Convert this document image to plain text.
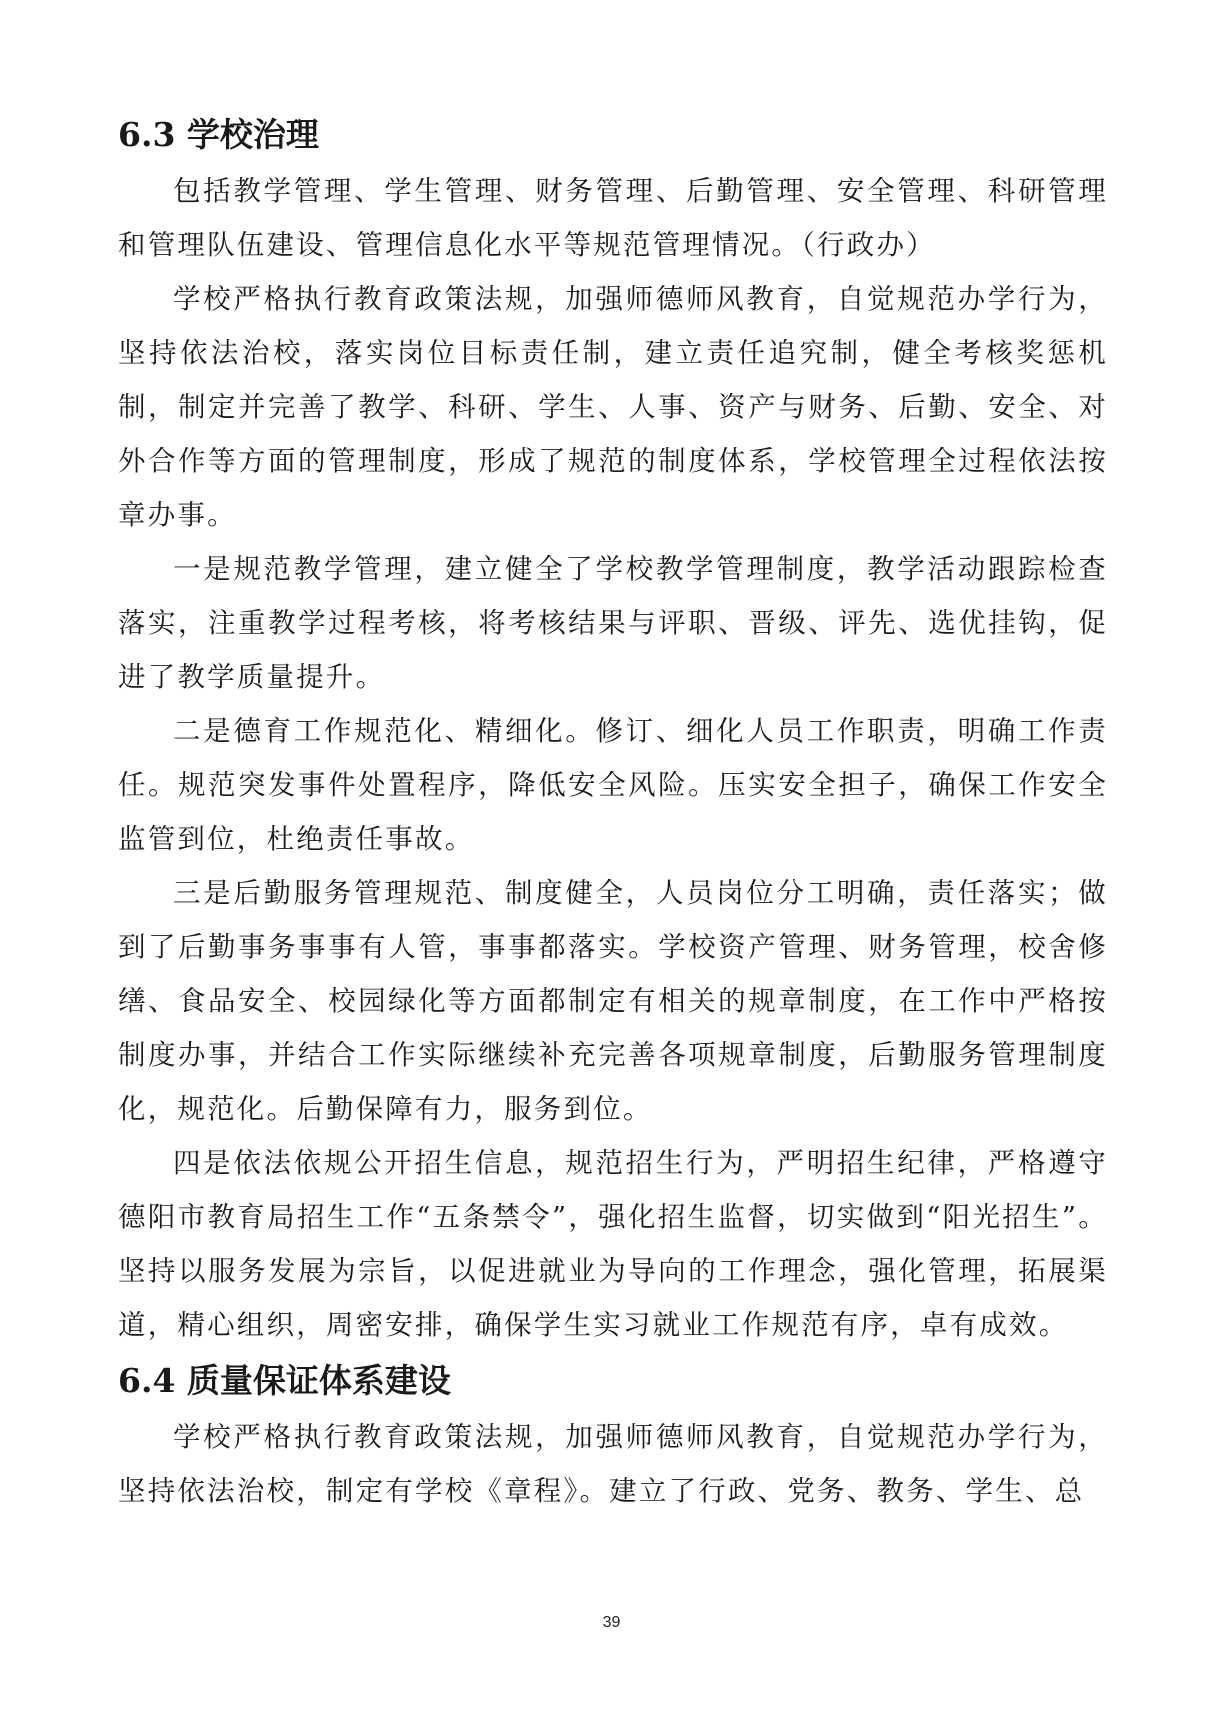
6.3 学校治理

包括教学管理、学生管理、财务管理、后勤管理、安全管理、科研管理和管理队伍建设、管理信息化水平等规范管理情况。（行政办）

学校严格执行教育政策法规，加强师德师风教育，自觉规范办学行为，坚持依法治校，落实岗位目标责任制，建立责任追究制，健全考核奖惩机制，制定并完善了教学、科研、学生、人事、资产与财务、后勤、安全、对外合作等方面的管理制度，形成了规范的制度体系，学校管理全过程依法按章办事。

一是规范教学管理，建立健全了学校教学管理制度，教学活动跟踪检查落实，注重教学过程考核，将考核结果与评职、晋级、评先、选优挂钩，促进了教学质量提升。

二是德育工作规范化、精细化。修订、细化人员工作职责，明确工作责任。规范突发事件处置程序，降低安全风险。压实安全担子，确保工作安全监管到位，杜绝责任事故。

三是后勤服务管理规范、制度健全，人员岗位分工明确，责任落实；做到了后勤事务事事有人管，事事都落实。学校资产管理、财务管理，校舍修缮、食品安全、校园绿化等方面都制定有相关的规章制度，在工作中严格按制度办事，并结合工作实际继续补充完善各项规章制度，后勤服务管理制度化，规范化。后勤保障有力，服务到位。

四是依法依规公开招生信息，规范招生行为，严明招生纪律，严格遵守德阳市教育局招生工作“五条禁令”，强化招生监督，切实做到“阳光招生”。坚持以服务发展为宗旨，以促进就业为导向的工作理念，强化管理，拓展渠道，精心组织，周密安排，确保学生实习就业工作规范有序，卓有成效。

6.4 质量保证体系建设

学校严格执行教育政策法规，加强师德师风教育，自觉规范办学行为，坚持依法治校，制定有学校《章程》。建立了行政、党务、教务、学生、总

39
